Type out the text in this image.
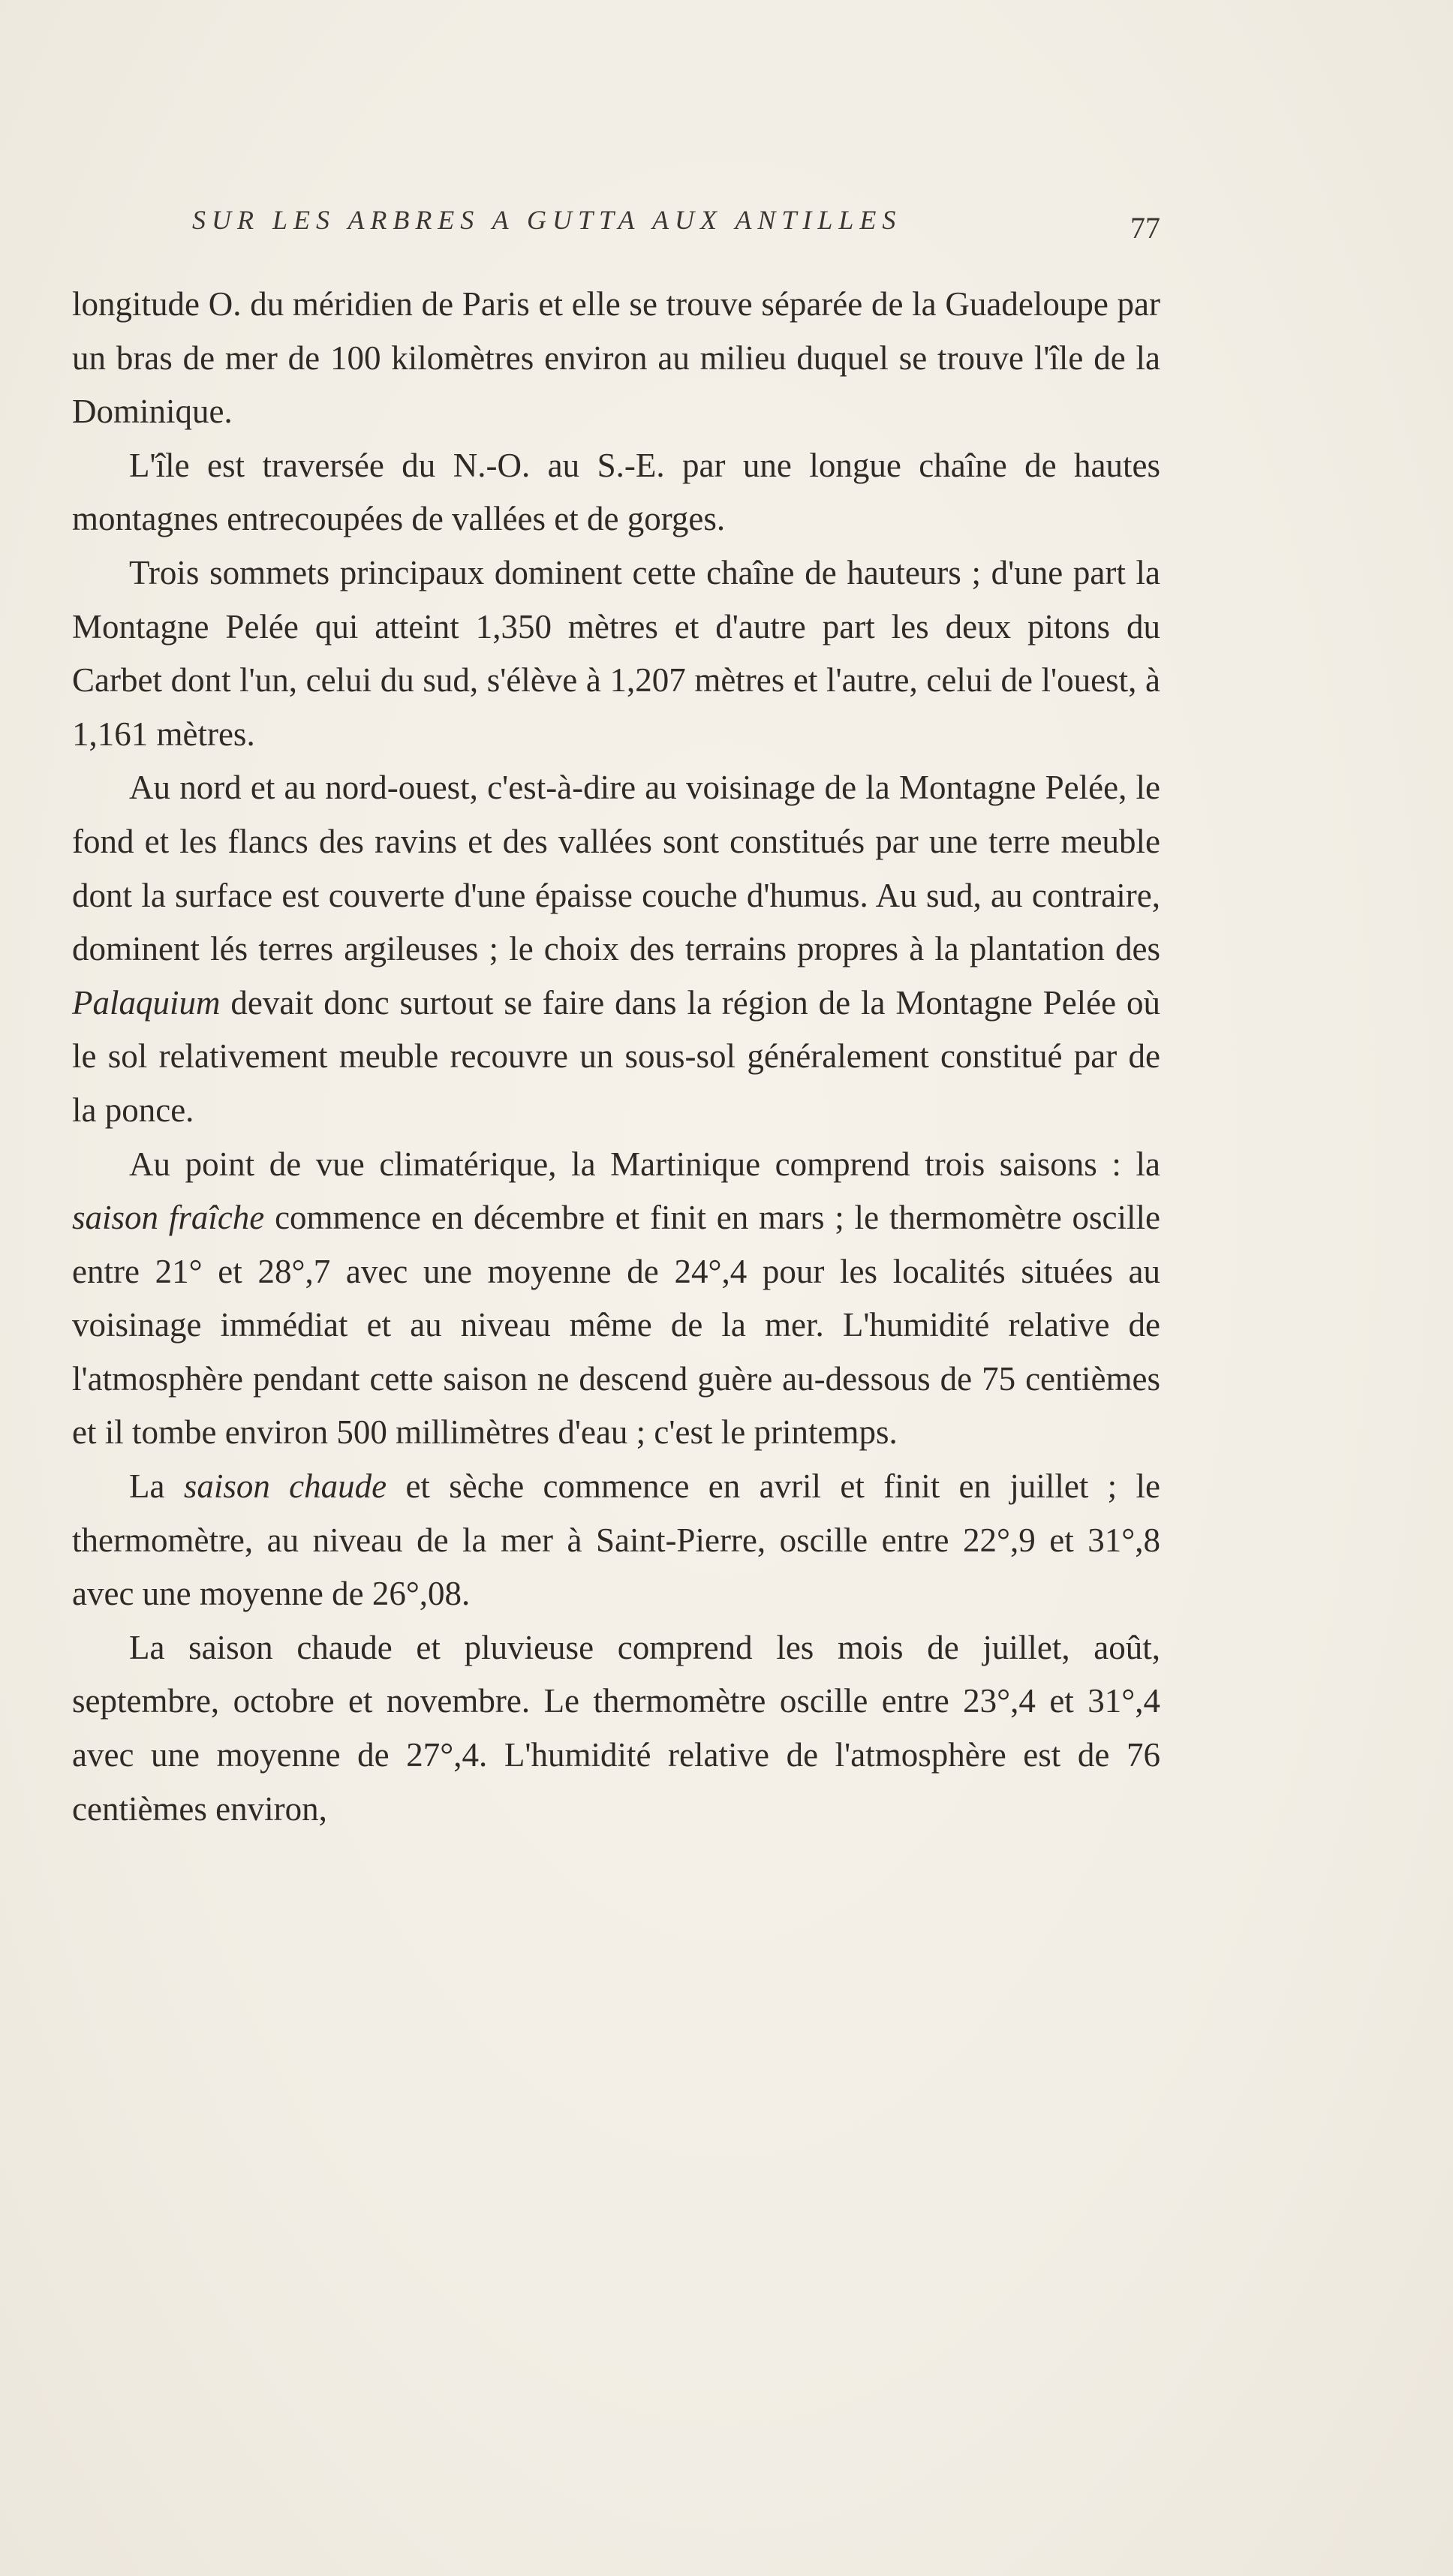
SUR LES ARBRES A GUTTA AUX ANTILLES	77

longitude O. du méridien de Paris et elle se trouve séparée de la Guadeloupe par un bras de mer de 100 kilomètres environ au milieu duquel se trouve l'île de la Dominique.

L'île est traversée du N.-O. au S.-E. par une longue chaîne de hautes montagnes entrecoupées de vallées et de gorges.

Trois sommets principaux dominent cette chaîne de hauteurs ; d'une part la Montagne Pelée qui atteint 1,350 mètres et d'autre part les deux pitons du Carbet dont l'un, celui du sud, s'élève à 1,207 mètres et l'autre, celui de l'ouest, à 1,161 mètres.

Au nord et au nord-ouest, c'est-à-dire au voisinage de la Montagne Pelée, le fond et les flancs des ravins et des vallées sont constitués par une terre meuble dont la surface est couverte d'une épaisse couche d'humus. Au sud, au contraire, dominent lés terres argileuses ; le choix des terrains propres à la plantation des Palaquium devait donc surtout se faire dans la région de la Montagne Pelée où le sol relativement meuble recouvre un sous-sol généralement constitué par de la ponce.

Au point de vue climatérique, la Martinique comprend trois saisons : la saison fraîche commence en décembre et finit en mars ; le thermomètre oscille entre 21° et 28°,7 avec une moyenne de 24°,4 pour les localités situées au voisinage immédiat et au niveau même de la mer. L'humidité relative de l'atmosphère pendant cette saison ne descend guère au-dessous de 75 centièmes et il tombe environ 500 millimètres d'eau ; c'est le printemps.

La saison chaude et sèche commence en avril et finit en juillet ; le thermomètre, au niveau de la mer à Saint-Pierre, oscille entre 22°,9 et 31°,8 avec une moyenne de 26°,08.

La saison chaude et pluvieuse comprend les mois de juillet, août, septembre, octobre et novembre. Le thermomètre oscille entre 23°,4 et 31°,4 avec une moyenne de 27°,4. L'humidité relative de l'atmosphère est de 76 centièmes environ,
